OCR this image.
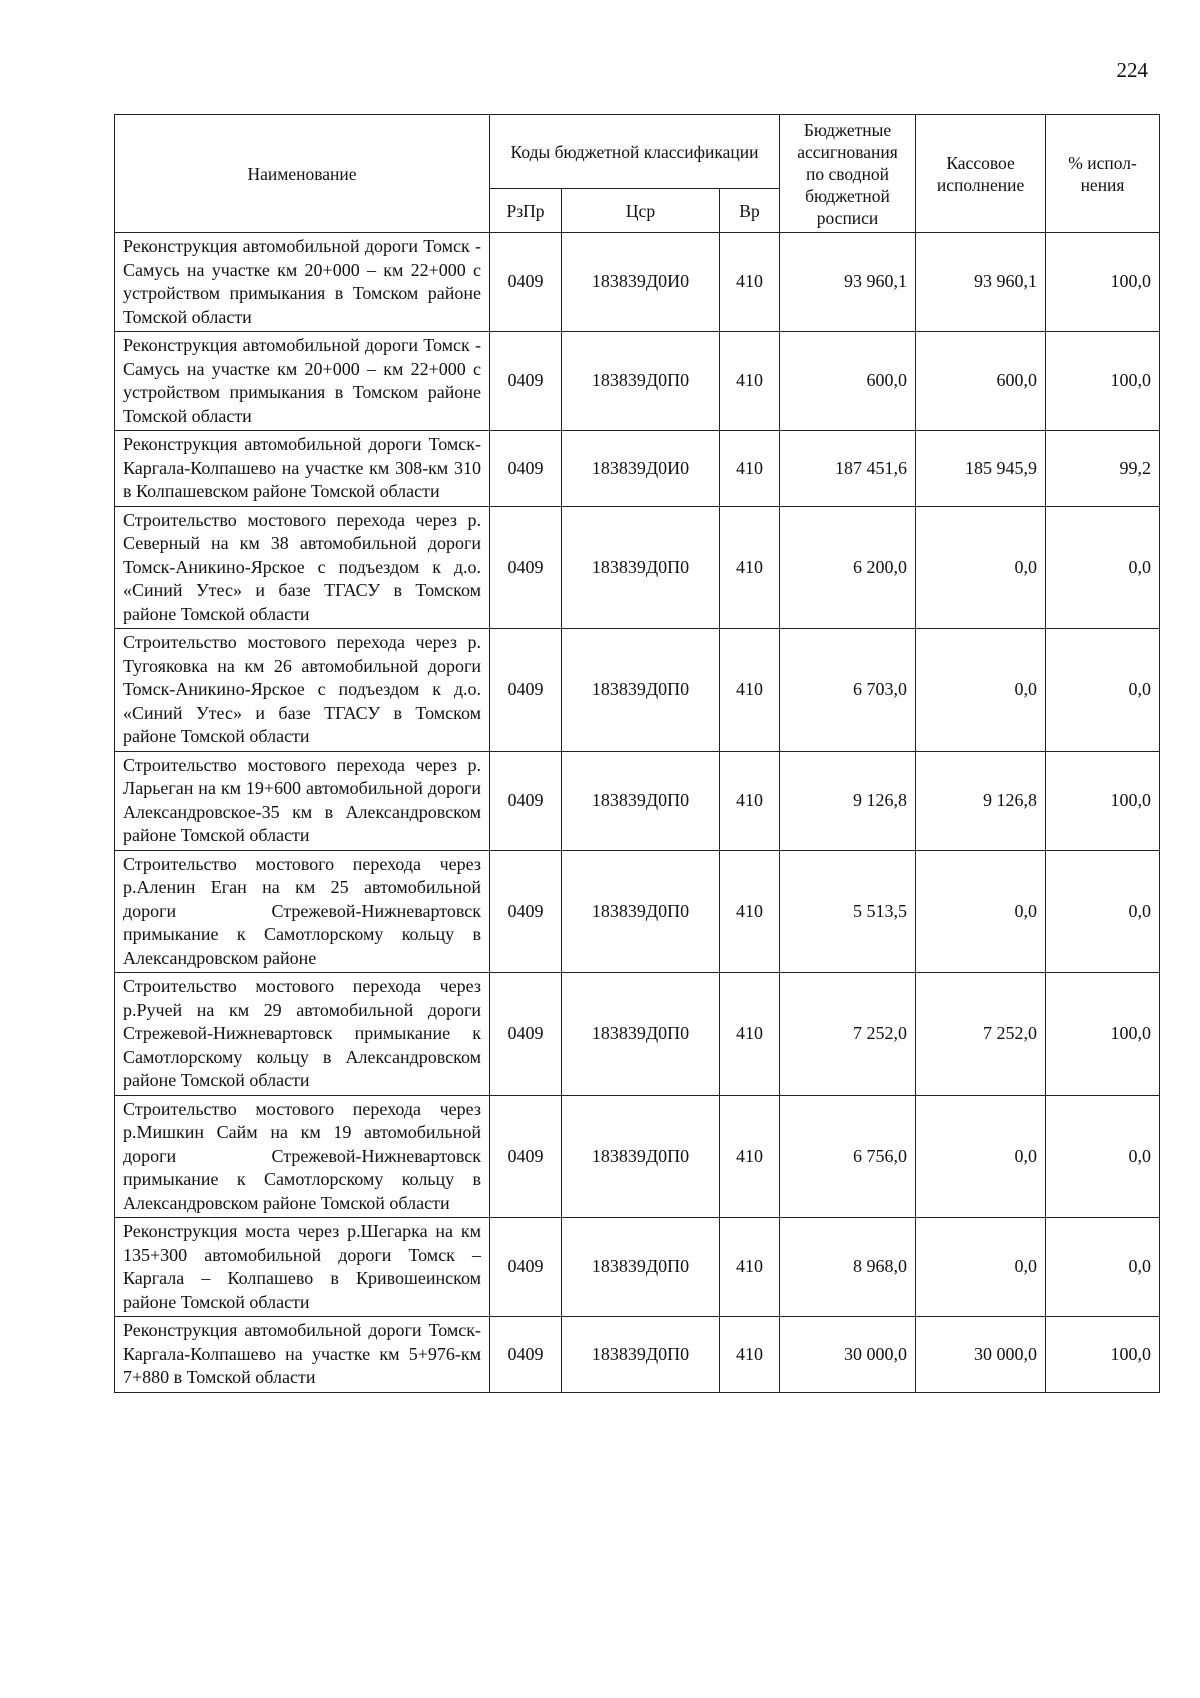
224
Наименование	Коды бюджетной классификации			Бюджетные ассигнования по сводной бюджетной росписи	Кассовое исполнение	% испол-нения
	РзПр	Цср	Вр			
Реконструкция автомобильной дороги Томск - Самусь на участке км 20+000 – км 22+000 с устройством примыкания в Томском районе Томской области	0409	183839Д0И0	410	93 960,1	93 960,1	100,0
Реконструкция автомобильной дороги Томск - Самусь на участке км 20+000 – км 22+000 с устройством примыкания в Томском районе Томской области	0409	183839Д0П0	410	600,0	600,0	100,0
Реконструкция автомобильной дороги Томск-Каргала-Колпашево на участке км 308-км 310 в Колпашевском районе Томской области	0409	183839Д0И0	410	187 451,6	185 945,9	99,2
Строительство мостового перехода через р. Северный на км 38 автомобильной дороги Томск-Аникино-Ярское с подъездом к д.о. «Синий Утес» и базе ТГАСУ в Томском районе Томской области	0409	183839Д0П0	410	6 200,0	0,0	0,0
Строительство мостового перехода через р. Тугояковка на км 26 автомобильной дороги Томск-Аникино-Ярское с подъездом к д.о. «Синий Утес» и базе ТГАСУ в Томском районе Томской области	0409	183839Д0П0	410	6 703,0	0,0	0,0
Строительство мостового перехода через р. Ларьеган на км 19+600 автомобильной дороги Александровское-35 км в Александровском районе Томской области	0409	183839Д0П0	410	9 126,8	9 126,8	100,0
Строительство мостового перехода через р.Аленин Еган на км 25 автомобильной дороги Стрежевой-Нижневартовск примыкание к Самотлорскому кольцу в Александровском районе	0409	183839Д0П0	410	5 513,5	0,0	0,0
Строительство мостового перехода через р.Ручей на км 29 автомобильной дороги Стрежевой-Нижневартовск примыкание к Самотлорскому кольцу в Александровском районе Томской области	0409	183839Д0П0	410	7 252,0	7 252,0	100,0
Строительство мостового перехода через р.Мишкин Сайм на км 19 автомобильной дороги Стрежевой-Нижневартовск примыкание к Самотлорскому кольцу в Александровском районе Томской области	0409	183839Д0П0	410	6 756,0	0,0	0,0
Реконструкция моста через р.Шегарка на км 135+300 автомобильной дороги Томск – Каргала – Колпашево в Кривошеинском районе Томской области	0409	183839Д0П0	410	8 968,0	0,0	0,0
Реконструкция автомобильной дороги Томск-Каргала-Колпашево на участке км 5+976-км 7+880 в Томской области	0409	183839Д0П0	410	30 000,0	30 000,0	100,0
